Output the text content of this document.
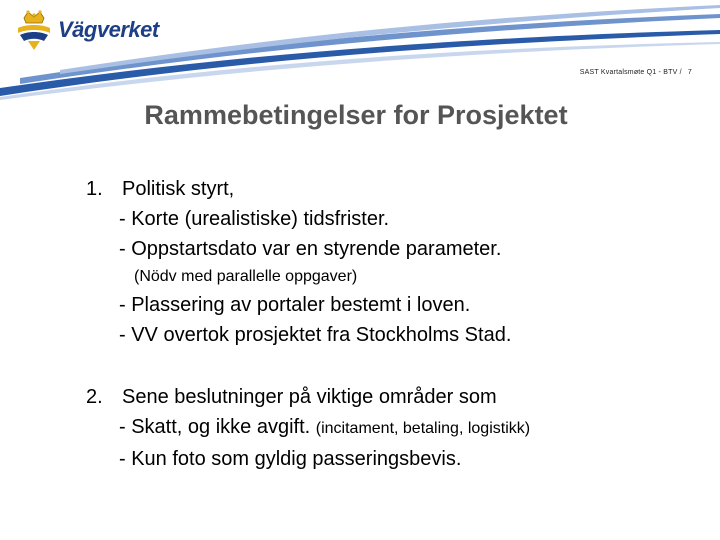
Vägverket
SAST Kvartalsmøte Q1 - BTV / 7
Rammebetingelser for Prosjektet
1. Politisk styrt,
- Korte (urealistiske) tidsfrister.
- Oppstartsdato var en styrende parameter.
(Nödv med parallelle oppgaver)
- Plassering av portaler bestemt i loven.
- VV overtok prosjektet fra Stockholms Stad.
2. Sene beslutninger på viktige områder som
- Skatt, og ikke avgift. (incitament, betaling, logistikk)
- Kun foto som gyldig passeringsbevis.
